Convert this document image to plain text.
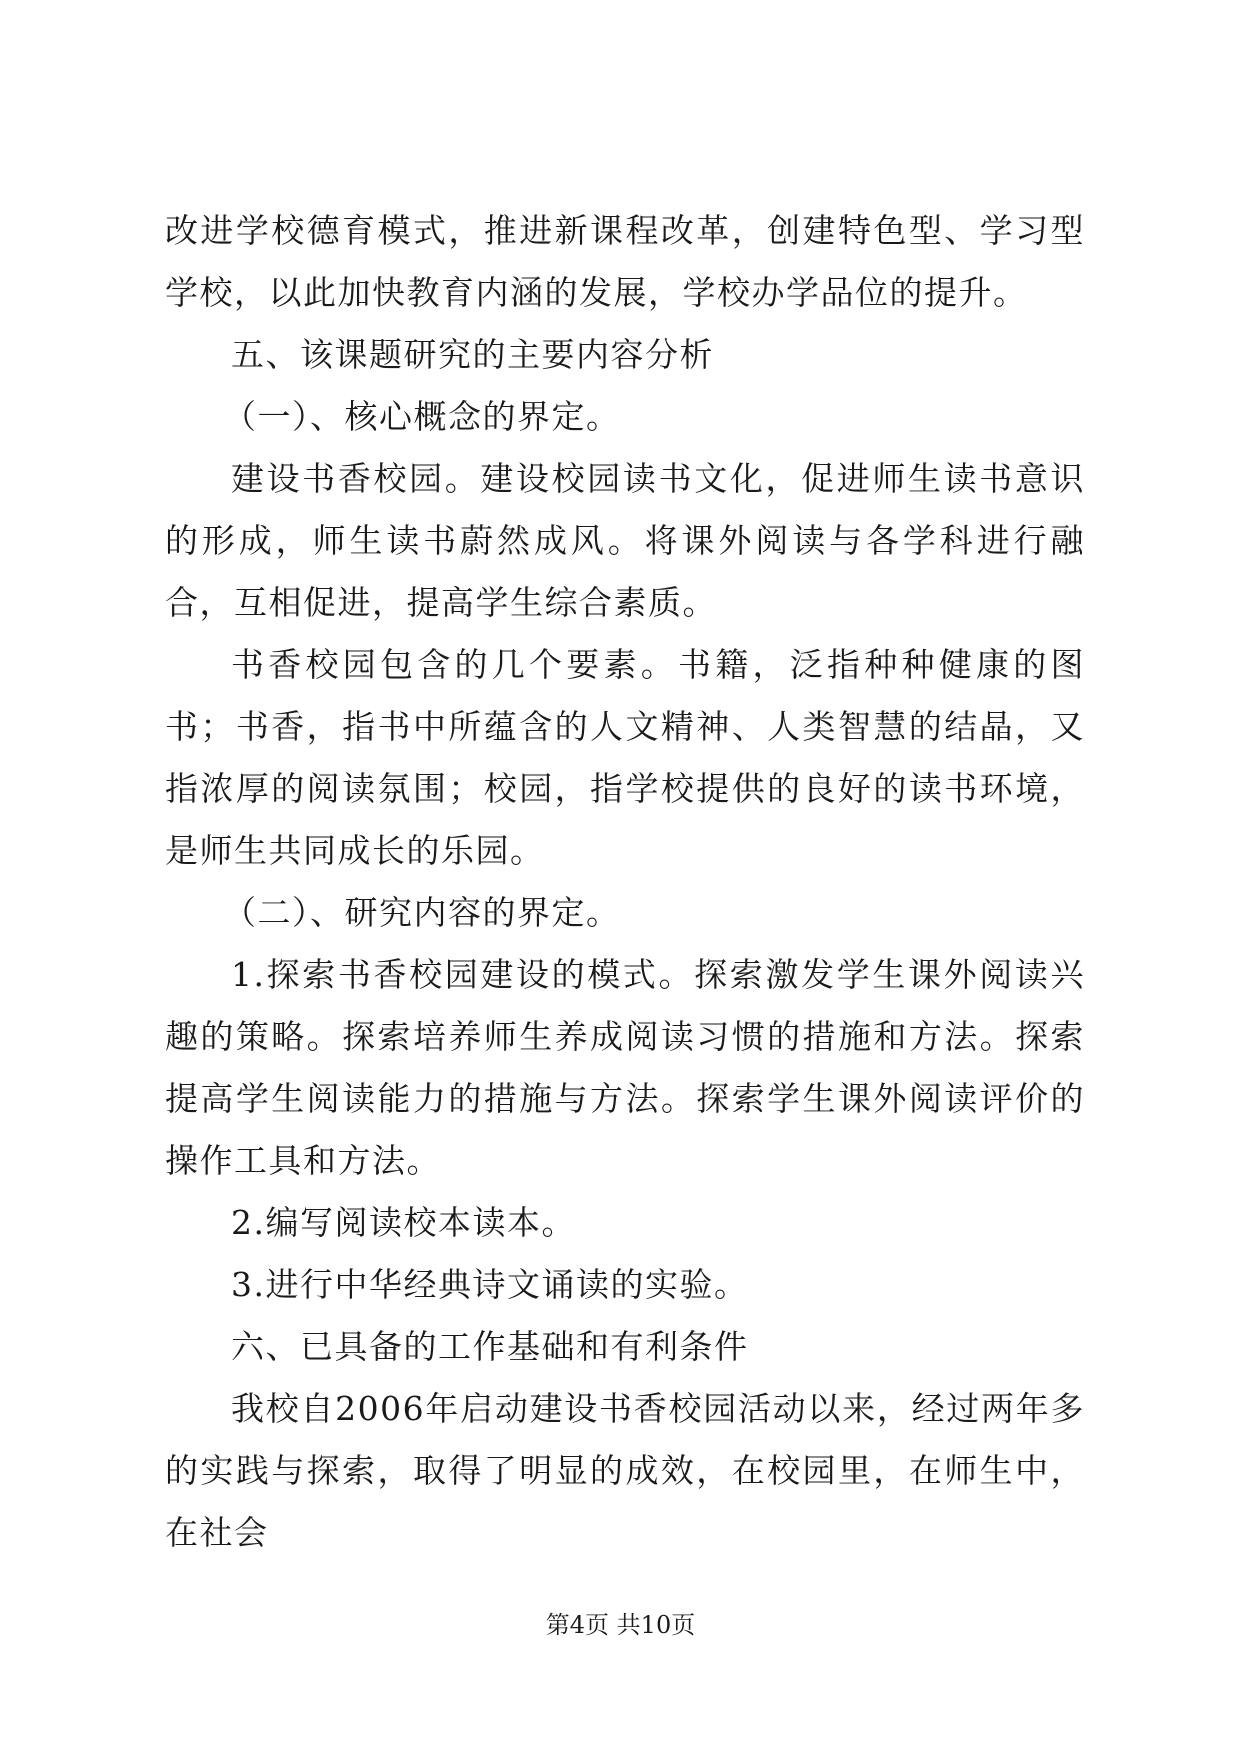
改进学校德育模式，推进新课程改革，创建特色型、学习型学校，以此加快教育内涵的发展，学校办学品位的提升。

五、该课题研究的主要内容分析

（一）、核心概念的界定。

建设书香校园。建设校园读书文化，促进师生读书意识的形成，师生读书蔚然成风。将课外阅读与各学科进行融合，互相促进，提高学生综合素质。

书香校园包含的几个要素。书籍，泛指种种健康的图书；书香，指书中所蕴含的人文精神、人类智慧的结晶，又指浓厚的阅读氛围；校园，指学校提供的良好的读书环境，是师生共同成长的乐园。

（二）、研究内容的界定。

1.探索书香校园建设的模式。探索激发学生课外阅读兴趣的策略。探索培养师生养成阅读习惯的措施和方法。探索提高学生阅读能力的措施与方法。探索学生课外阅读评价的操作工具和方法。

2.编写阅读校本读本。

3.进行中华经典诗文诵读的实验。

六、已具备的工作基础和有利条件

我校自2006年启动建设书香校园活动以来，经过两年多的实践与探索，取得了明显的成效，在校园里，在师生中，在社会

第4页 共10页
